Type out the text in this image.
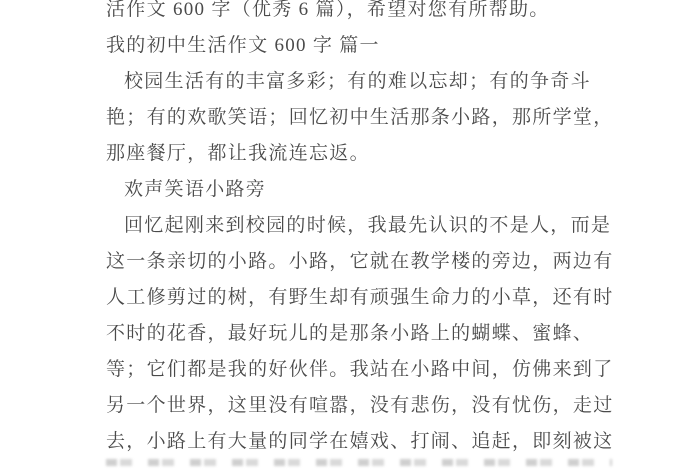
活作文 600 字（优秀 6 篇），希望对您有所帮助。
我的初中生活作文 600 字 篇一
校园生活有的丰富多彩；有的难以忘却；有的争奇斗
艳；有的欢歌笑语；回忆初中生活那条小路，那所学堂，
那座餐厅，都让我流连忘返。
欢声笑语小路旁
回忆起刚来到校园的时候，我最先认识的不是人，而是
这一条亲切的小路。小路，它就在教学楼的旁边，两边有
人工修剪过的树，有野生却有顽强生命力的小草，还有时
不时的花香，最好玩儿的是那条小路上的蝴蝶、蜜蜂、
等；它们都是我的好伙伴。我站在小路中间，仿佛来到了
另一个世界，这里没有喧嚣，没有悲伤，没有忧伤，走过
去，小路上有大量的同学在嬉戏、打闹、追赶，即刻被这
